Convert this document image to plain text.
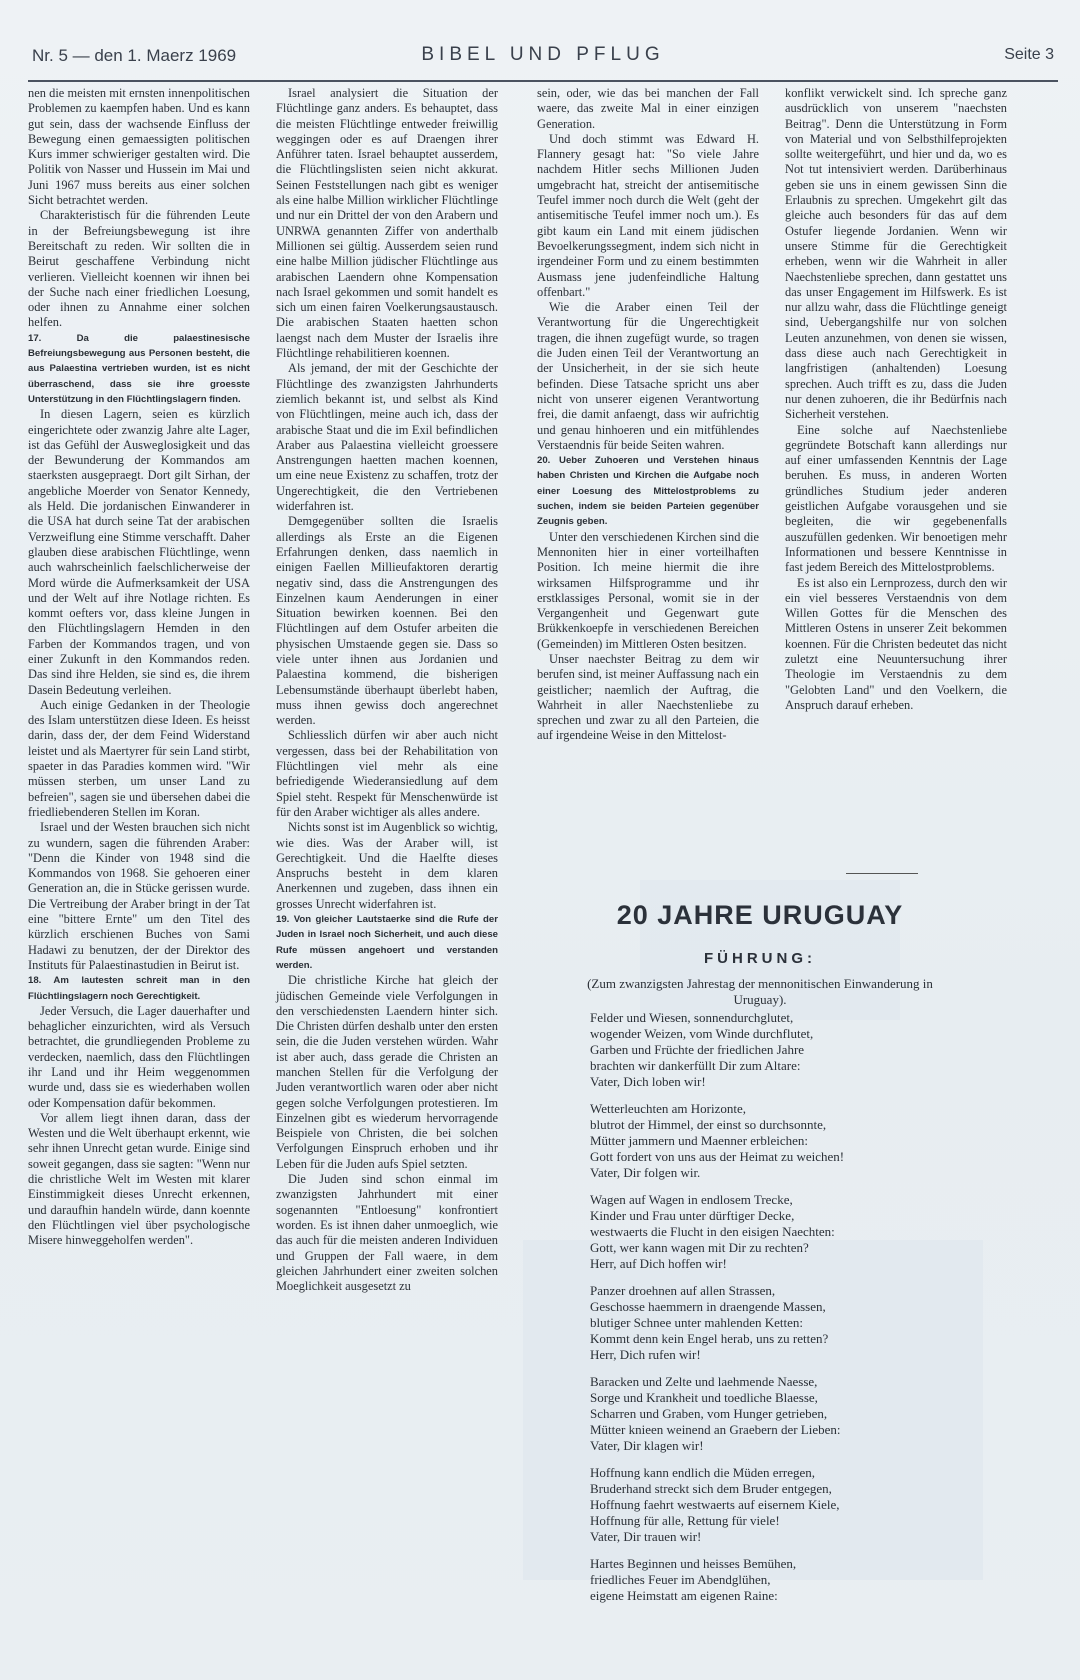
Nr. 5 — den 1. Maerz 1969	BIBEL UND PFLUG	Seite 3

nen die meisten mit ernsten innenpolitischen Problemen zu kaempfen haben. Und es kann gut sein, dass der wachsende Einfluss der Bewegung einen gemaessigten politischen Kurs immer schwieriger gestalten wird. Die Politik von Nasser und Hussein im Mai und Juni 1967 muss bereits aus einer solchen Sicht betrachtet werden.

Charakteristisch für die führenden Leute in der Befreiungsbewegung ist ihre Bereitschaft zu reden. Wir sollten die in Beirut geschaffene Verbindung nicht verlieren. Vielleicht koennen wir ihnen bei der Suche nach einer friedlichen Loesung, oder ihnen zu Annahme einer solchen helfen.

17. Da die palaestinesische Befreiungsbewegung aus Personen besteht, die aus Palaestina vertrieben wurden, ist es nicht überraschend, dass sie ihre groesste Unterstützung in den Flüchtlingslagern finden.

In diesen Lagern, seien es kürzlich eingerichtete oder zwanzig Jahre alte Lager, ist das Gefühl der Ausweglosigkeit und das der Bewunderung der Kommandos am staerksten ausgepraegt. Dort gilt Sirhan, der angebliche Moerder von Senator Kennedy, als Held. Die jordanischen Einwanderer in die USA hat durch seine Tat der arabischen Verzweiflung eine Stimme verschafft. Daher glauben diese arabischen Flüchtlinge, wenn auch wahrscheinlich faelschlicherweise der Mord würde die Aufmerksamkeit der USA und der Welt auf ihre Notlage richten. Es kommt oefters vor, dass kleine Jungen in den Flüchtlingslagern Hemden in den Farben der Kommandos tragen, und von einer Zukunft in den Kommandos reden. Das sind ihre Helden, sie sind es, die ihrem Dasein Bedeutung verleihen.

Auch einige Gedanken in der Theologie des Islam unterstützen diese Ideen. Es heisst darin, dass der, der dem Feind Widerstand leistet und als Maertyrer für sein Land stirbt, spaeter in das Paradies kommen wird. "Wir müssen sterben, um unser Land zu befreien", sagen sie und übersehen dabei die friedliebenderen Stellen im Koran.

Israel und der Westen brauchen sich nicht zu wundern, sagen die führenden Araber: "Denn die Kinder von 1948 sind die Kommandos von 1968. Sie gehoeren einer Generation an, die in Stücke gerissen wurde. Die Vertreibung der Araber bringt in der Tat eine "bittere Ernte" um den Titel des kürzlich erschienen Buches von Sami Hadawi zu benutzen, der der Direktor des Instituts für Palaestinastudien in Beirut ist.

18. Am lautesten schreit man in den Flüchtlingslagern noch Gerechtigkeit.

Jeder Versuch, die Lager dauerhafter und behaglicher einzurichten, wird als Versuch betrachtet, die grundliegenden Probleme zu verdecken, naemlich, dass den Flüchtlingen ihr Land und ihr Heim weggenommen wurde und, dass sie es wiederhaben wollen oder Kompensation dafür bekommen.

Vor allem liegt ihnen daran, dass der Westen und die Welt überhaupt erkennt, wie sehr ihnen Unrecht getan wurde. Einige sind soweit gegangen, dass sie sagten: "Wenn nur die christliche Welt im Westen mit klarer Einstimmigkeit dieses Unrecht erkennen, und daraufhin handeln würde, dann koennte den Flüchtlingen viel über psychologische Misere hinweggeholfen werden".

Israel analysiert die Situation der Flüchtlinge ganz anders. Es behauptet, dass die meisten Flüchtlinge entweder freiwillig weggingen oder es auf Draengen ihrer Anführer taten. Israel behauptet ausserdem, die Flüchtlingslisten seien nicht akkurat. Seinen Feststellungen nach gibt es weniger als eine halbe Million wirklicher Flüchtlinge und nur ein Drittel der von den Arabern und UNRWA genannten Ziffer von anderthalb Millionen sei gültig. Ausserdem seien rund eine halbe Million jüdischer Flüchtlinge aus arabischen Laendern ohne Kompensation nach Israel gekommen und somit handelt es sich um einen fairen Voelkerungsaustausch. Die arabischen Staaten haetten schon laengst nach dem Muster der Israelis ihre Flüchtlinge rehabilitieren koennen.

Als jemand, der mit der Geschichte der Flüchtlinge des zwanzigsten Jahrhunderts ziemlich bekannt ist, und selbst als Kind von Flüchtlingen, meine auch ich, dass der arabische Staat und die im Exil befindlichen Araber aus Palaestina vielleicht groessere Anstrengungen haetten machen koennen, um eine neue Existenz zu schaffen, trotz der Ungerechtigkeit, die den Vertriebenen widerfahren ist.

Demgegenüber sollten die Israelis allerdings als Erste an die Eigenen Erfahrungen denken, dass naemlich in einigen Faellen Millieufaktoren derartig negativ sind, dass die Anstrengungen des Einzelnen kaum Aenderungen in einer Situation bewirken koennen. Bei den Flüchtlingen auf dem Ostufer arbeiten die physischen Umstaende gegen sie. Dass so viele unter ihnen aus Jordanien und Palaestina kommend, die bisherigen Lebensumstände überhaupt überlebt haben, muss ihnen gewiss doch angerechnet werden.

Schliesslich dürfen wir aber auch nicht vergessen, dass bei der Rehabilitation von Flüchtlingen viel mehr als eine befriedigende Wiederansiedlung auf dem Spiel steht. Respekt für Menschenwürde ist für den Araber wichtiger als alles andere.

Nichts sonst ist im Augenblick so wichtig, wie dies. Was der Araber will, ist Gerechtigkeit. Und die Haelfte dieses Anspruchs besteht in dem klaren Anerkennen und zugeben, dass ihnen ein grosses Unrecht widerfahren ist.

19. Von gleicher Lautstaerke sind die Rufe der Juden in Israel noch Sicherheit, und auch diese Rufe müssen angehoert und verstanden werden.

Die christliche Kirche hat gleich der jüdischen Gemeinde viele Verfolgungen in den verschiedensten Laendern hinter sich. Die Christen dürfen deshalb unter den ersten sein, die die Juden verstehen würden. Wahr ist aber auch, dass gerade die Christen an manchen Stellen für die Verfolgung der Juden verantwortlich waren oder aber nicht gegen solche Verfolgungen protestieren. Im Einzelnen gibt es wiederum hervorragende Beispiele von Christen, die bei solchen Verfolgungen Einspruch erhoben und ihr Leben für die Juden aufs Spiel setzten.

Die Juden sind schon einmal im zwanzigsten Jahrhundert mit einer sogenannten "Entloesung" konfrontiert worden. Es ist ihnen daher unmoeglich, wie das auch für die meisten anderen Individuen und Gruppen der Fall waere, in dem gleichen Jahrhundert einer zweiten solchen Moeglichkeit ausgesetzt zu

sein, oder, wie das bei manchen der Fall waere, das zweite Mal in einer einzigen Generation.

Und doch stimmt was Edward H. Flannery gesagt hat: "So viele Jahre nachdem Hitler sechs Millionen Juden umgebracht hat, streicht der antisemitische Teufel immer noch durch die Welt (geht der antisemitische Teufel immer noch um.). Es gibt kaum ein Land mit einem jüdischen Bevoelkerungssegment, indem sich nicht in irgendeiner Form und zu einem bestimmten Ausmass jene judenfeindliche Haltung offenbart."

Wie die Araber einen Teil der Verantwortung für die Ungerechtigkeit tragen, die ihnen zugefügt wurde, so tragen die Juden einen Teil der Verantwortung an der Unsicherheit, in der sie sich heute befinden. Diese Tatsache spricht uns aber nicht von unserer eigenen Verantwortung frei, die damit anfaengt, dass wir aufrichtig und genau hinhoeren und ein mitfühlendes Verstaendnis für beide Seiten wahren.

20. Ueber Zuhoeren und Verstehen hinaus haben Christen und Kirchen die Aufgabe noch einer Loesung des Mittelostproblems zu suchen, indem sie beiden Parteien gegenüber Zeugnis geben.

Unter den verschiedenen Kirchen sind die Mennoniten hier in einer vorteilhaften Position. Ich meine hiermit die ihre wirksamen Hilfsprogramme und ihr erstklassiges Personal, womit sie in der Vergangenheit und Gegenwart gute Brükkenkoepfe in verschiedenen Bereichen (Gemeinden) im Mittleren Osten besitzen.

Unser naechster Beitrag zu dem wir berufen sind, ist meiner Auffassung nach ein geistlicher; naemlich der Auftrag, die Wahrheit in aller Naechstenliebe zu sprechen und zwar zu all den Parteien, die auf irgendeine Weise in den Mittelost-

konflikt verwickelt sind. Ich spreche ganz ausdrücklich von unserem "naechsten Beitrag". Denn die Unterstützung in Form von Material und von Selbsthilfeprojekten sollte weitergeführt, und hier und da, wo es Not tut intensiviert werden. Darüberhinaus geben sie uns in einem gewissen Sinn die Erlaubnis zu sprechen. Umgekehrt gilt das gleiche auch besonders für das auf dem Ostufer liegende Jordanien. Wenn wir unsere Stimme für die Gerechtigkeit erheben, wenn wir die Wahrheit in aller Naechstenliebe sprechen, dann gestattet uns das unser Engagement im Hilfswerk. Es ist nur allzu wahr, dass die Flüchtlinge geneigt sind, Uebergangshilfe nur von solchen Leuten anzunehmen, von denen sie wissen, dass diese auch nach Gerechtigkeit in langfristigen (anhaltenden) Loesung sprechen. Auch trifft es zu, dass die Juden nur denen zuhoeren, die ihr Bedürfnis nach Sicherheit verstehen.

Eine solche auf Naechstenliebe gegründete Botschaft kann allerdings nur auf einer umfassenden Kenntnis der Lage beruhen. Es muss, in anderen Worten gründliches Studium jeder anderen geistlichen Aufgabe vorausgehen und sie begleiten, die wir gegebenenfalls auszufüllen gedenken. Wir benoetigen mehr Informationen und bessere Kenntnisse in fast jedem Bereich des Mittelostproblems.

Es ist also ein Lernprozess, durch den wir ein viel besseres Verstaendnis von dem Willen Gottes für die Menschen des Mittleren Ostens in unserer Zeit bekommen koennen. Für die Christen bedeutet das nicht zuletzt eine Neuuntersuchung ihrer Theologie im Verstaendnis zu dem "Gelobten Land" und den Voelkern, die Anspruch darauf erheben.

20 JAHRE URUGUAY
FÜHRUNG:
(Zum zwanzigsten Jahrestag der mennonitischen Einwanderung in Uruguay).
Felder und Wiesen, sonnendurchglutet,
wogender Weizen, vom Winde durchflutet,
Garben und Früchte der friedlichen Jahre
brachten wir dankerfüllt Dir zum Altare:
Vater, Dich loben wir!
Wetterleuchten am Horizonte,
blutrot der Himmel, der einst so durchsonnte,
Mütter jammern und Maenner erbleichen:
Gott fordert von uns aus der Heimat zu weichen!
Vater, Dir folgen wir.
Wagen auf Wagen in endlosem Trecke,
Kinder und Frau unter dürftiger Decke,
westwaerts die Flucht in den eisigen Naechten:
Gott, wer kann wagen mit Dir zu rechten?
Herr, auf Dich hoffen wir!
Panzer droehnen auf allen Strassen,
Geschosse haemmern in draengende Massen,
blutiger Schnee unter mahlenden Ketten:
Kommt denn kein Engel herab, uns zu retten?
Herr, Dich rufen wir!
Baracken und Zelte und laehmende Naesse,
Sorge und Krankheit und toedliche Blaesse,
Scharren und Graben, vom Hunger getrieben,
Mütter knieen weinend an Graebern der Lieben:
Vater, Dir klagen wir!
Hoffnung kann endlich die Müden erregen,
Bruderhand streckt sich dem Bruder entgegen,
Hoffnung faehrt westwaerts auf eisernem Kiele,
Hoffnung für alle, Rettung für viele!
Vater, Dir trauen wir!
Hartes Beginnen und heisses Bemühen,
friedliches Feuer im Abendglühen,
eigene Heimstatt am eigenen Raine:
